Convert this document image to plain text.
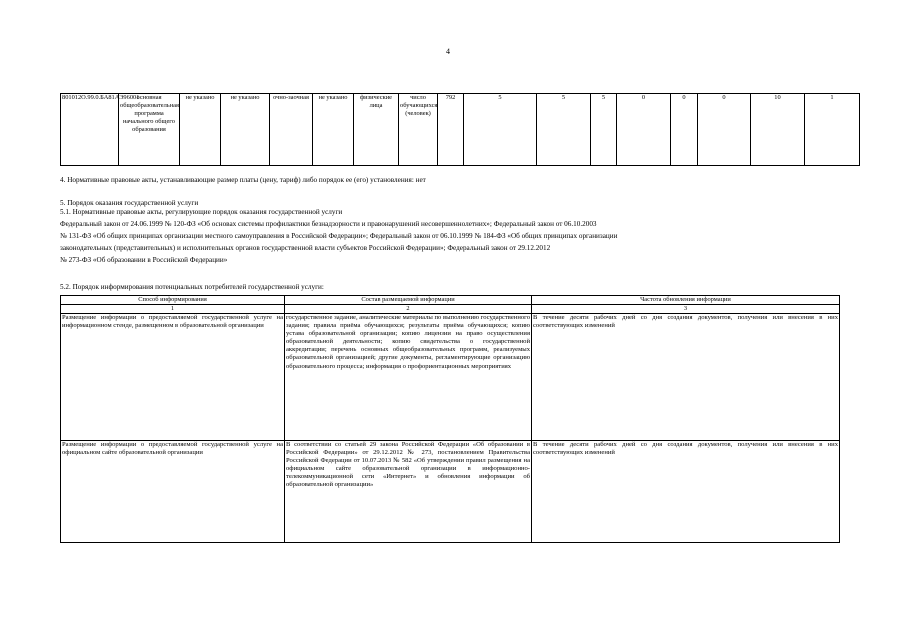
4
801012О.99.0.БА81АЭ96001	основная общеобразовательная программа начального общего образования	не указано	не указано	очно-заочная	не указано	физические лица	число обучающихся (человек)	792	5	5	5	0	0	0	10	1
4. Нормативные правовые акты, устанавливающие размер платы (цену, тариф) либо порядок ее (его) установления: нет
5. Порядок оказания государственной услуги
5.1. Нормативные правовые акты, регулирующие порядок оказания государственной услуги
Федеральный закон от 24.06.1999 № 120-ФЗ «Об основах системы профилактики безнадзорности и правонарушений несовершеннолетних»; Федеральный закон от 06.10.2003
№ 131-ФЗ «Об общих принципах организации местного самоуправления в Российской Федерации»; Федеральный закон от 06.10.1999 № 184-ФЗ «Об общих принципах организации
законодательных (представительных) и исполнительных органов государственной власти субъектов Российской Федерации»; Федеральный закон от 29.12.2012
№ 273-ФЗ «Об образовании в Российской Федерации»
5.2. Порядок информирования потенциальных потребителей государственной услуги:
Способ информирования	Состав размещаемой информации	Частота обновления информации
1	2	3
Размещение информации о предоставляемой государственной услуге на информационном стенде, размещенном в образовательной организации	государственное задание, аналитические материалы по выполнению государственного задания; правила приёма обучающихся; результаты приёма обучающихся; копию устава образовательной организации; копию лицензии на право осуществления образовательной деятельности; копию свидетельства о государственной аккредитации; перечень основных общеобразовательных программ, реализуемых образовательной организацией; другие документы, регламентирующие организацию образовательного процесса; информация о профориентационных мероприятиях	В течение десяти рабочих дней со дня создания документов, получения или внесения в них соответствующих изменений
Размещение информации о предоставляемой государственной услуге на официальном сайте образовательной организации	В соответствии со статьей 29 закона Российской Федерации «Об образовании в Российской Федерации» от 29.12.2012 № 273, постановлением Правительства Российской Федерации от 10.07.2013 № 582 «Об утверждении правил размещения на официальном сайте образовательной организации в информационно-телекоммуникационной сети «Интернет» и обновления информации об образовательной организации»	В течение десяти рабочих дней со дня создания документов, получения или внесения в них соответствующих изменений
